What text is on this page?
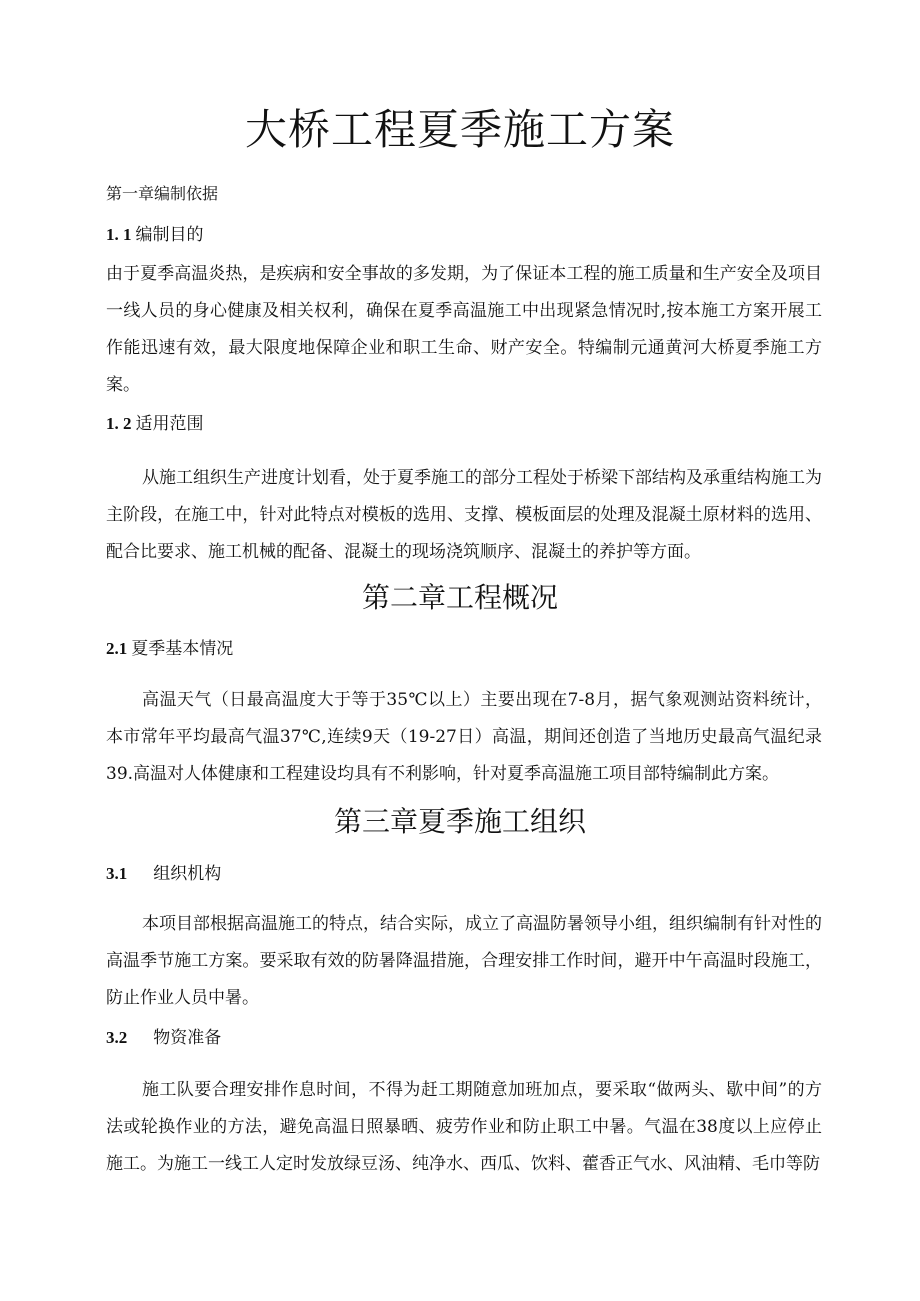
大桥工程夏季施工方案

第一章编制依据

1. 1 编制目的

由于夏季高温炎热，是疾病和安全事故的多发期，为了保证本工程的施工质量和生产安全及项目一线人员的身心健康及相关权利，确保在夏季高温施工中出现紧急情况时,按本施工方案开展工作能迅速有效，最大限度地保障企业和职工生命、财产安全。特编制元通黄河大桥夏季施工方案。

1. 2 适用范围

从施工组织生产进度计划看，处于夏季施工的部分工程处于桥梁下部结构及承重结构施工为主阶段，在施工中，针对此特点对模板的选用、支撑、模板面层的处理及混凝土原材料的选用、配合比要求、施工机械的配备、混凝土的现场浇筑顺序、混凝土的养护等方面。

第二章工程概况

2.1 夏季基本情况

高温天气（日最高温度大于等于35℃以上）主要出现在7-8月，据气象观测站资料统计，本市常年平均最高气温37℃,连续9天（19-27日）高温，期间还创造了当地历史最高气温纪录39.高温对人体健康和工程建设均具有不利影响，针对夏季高温施工项目部特编制此方案。

第三章夏季施工组织

3.1 组织机构

本项目部根据高温施工的特点，结合实际，成立了高温防暑领导小组，组织编制有针对性的高温季节施工方案。要采取有效的防暑降温措施，合理安排工作时间，避开中午高温时段施工，防止作业人员中暑。

3.2 物资准备

施工队要合理安排作息时间，不得为赶工期随意加班加点，要采取“做两头、歇中间”的方法或轮换作业的方法，避免高温日照暴晒、疲劳作业和防止职工中暑。气温在38度以上应停止施工。为施工一线工人定时发放绿豆汤、纯净水、西瓜、饮料、藿香正气水、风油精、毛巾等防
